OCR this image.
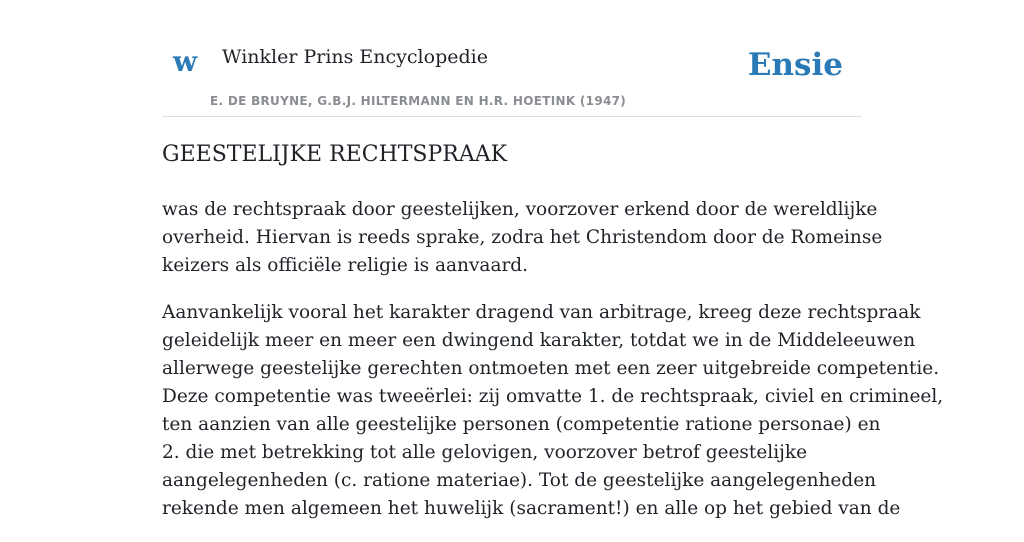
w Winkler Prins Encyclopedie
E. DE BRUYNE, G.B.J. HILTERMANN EN H.R. HOETINK (1947)
Ensie
GEESTELIJKE RECHTSPRAAK

was de rechtspraak door geestelijken, voorzover erkend door de wereldlijke
overheid. Hiervan is reeds sprake, zodra het Christendom door de Romeinse
keizers als officiële religie is aanvaard.

Aanvankelijk vooral het karakter dragend van arbitrage, kreeg deze rechtspraak
geleidelijk meer en meer een dwingend karakter, totdat we in de Middeleeuwen
allerwege geestelijke gerechten ontmoeten met een zeer uitgebreide competentie.
Deze competentie was tweeërlei: zij omvatte 1. de rechtspraak, civiel en crimineel,
ten aanzien van alle geestelijke personen (competentie ratione personae) en
2. die met betrekking tot alle gelovigen, voorzover betrof geestelijke
aangelegenheden (c. ratione materiae). Tot de geestelijke aangelegenheden
rekende men algemeen het huwelijk (sacrament!) en alle op het gebied van de
